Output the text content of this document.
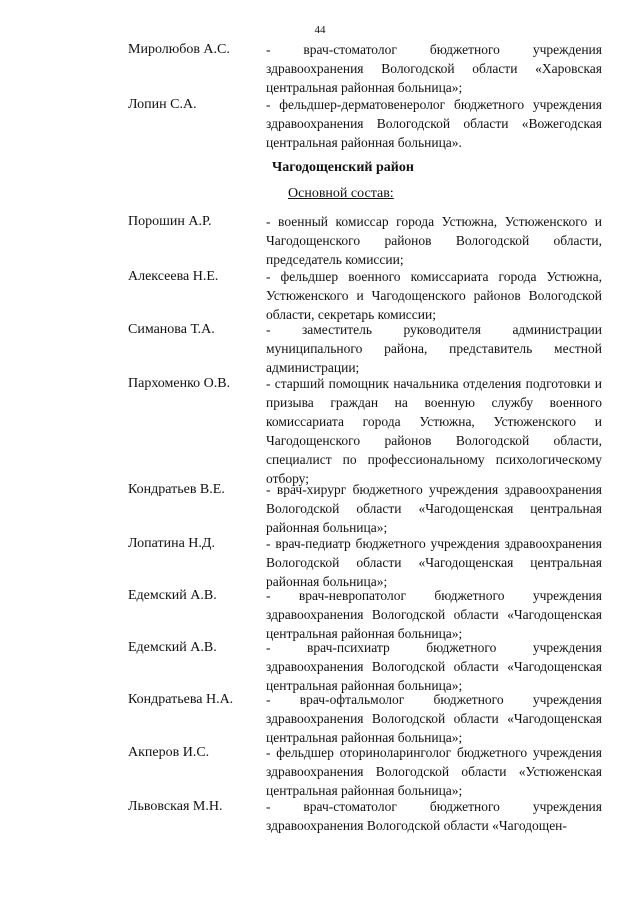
44
Миролюбов А.С.	- врач-стоматолог бюджетного учреждения здравоохранения Вологодской области «Харовская центральная районная больница»;
Лопин С.А.	- фельдшер-дерматовенеролог бюджетного учреждения здравоохранения Вологодской области «Вожегодская центральная районная больница».
Чагодощенский район
Основной состав:
Порошин А.Р.	- военный комиссар города Устюжна, Устюженского и Чагодощенского районов Вологодской области, председатель комиссии;
Алексеева Н.Е.	- фельдшер военного комиссариата города Устюжна, Устюженского и Чагодощенского районов Вологодской области, секретарь комиссии;
Симанова Т.А.	- заместитель руководителя администрации муниципального района, представитель местной администрации;
Пархоменко О.В.	- старший помощник начальника отделения подготовки и призыва граждан на военную службу военного комиссариата города Устюжна, Устюженского и Чагодощенского районов Вологодской области, специалист по профессиональному психологическому отбору;
Кондратьев В.Е.	- врач-хирург бюджетного учреждения здравоохранения Вологодской области «Чагодощенская центральная районная больница»;
Лопатина Н.Д.	- врач-педиатр бюджетного учреждения здравоохранения Вологодской области «Чагодощенская центральная районная больница»;
Едемский А.В.	- врач-невропатолог бюджетного учреждения здравоохранения Вологодской области «Чагодощенская центральная районная больница»;
Едемский А.В.	- врач-психиатр бюджетного учреждения здравоохранения Вологодской области «Чагодощенская центральная районная больница»;
Кондратьева Н.А.	- врач-офтальмолог бюджетного учреждения здравоохранения Вологодской области «Чагодощенская центральная районная больница»;
Акперов И.С.	- фельдшер оториноларинголог бюджетного учреждения здравоохранения Вологодской области «Устюженская центральная районная больница»;
Львовская М.Н.	- врач-стоматолог бюджетного учреждения здравоохранения Вологодской области «Чагодощен-
